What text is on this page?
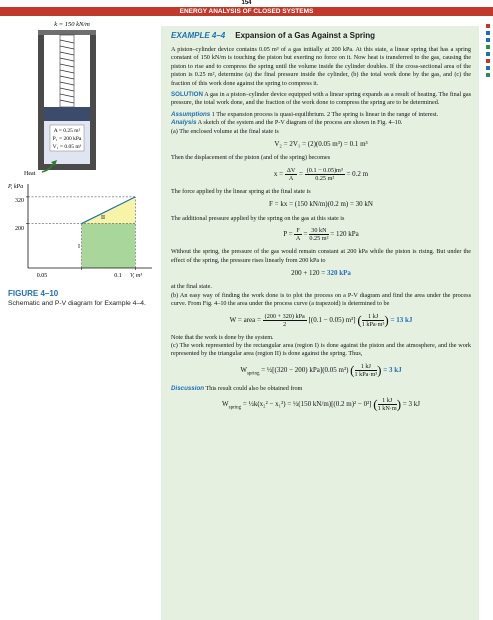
154
ENERGY ANALYSIS OF CLOSED SYSTEMS
k = 150 kN/m
A = 0.25 m²
P₁ = 200 kPa
V₁ = 0.05 m³
Heat
P, kPa
V, m³
320
200
0.05	0.1
II
I
FIGURE 4–10
Schematic and P-V diagram for Example 4–4.
EXAMPLE 4–4 Expansion of a Gas Against a Spring

A piston–cylinder device contains 0.05 m³ of a gas initially at 200 kPa. At this state, a linear spring that has a spring constant of 150 kN/m is touching the piston but exerting no force on it. Now heat is transferred to the gas, causing the piston to rise and to compress the spring until the volume inside the cylinder doubles. If the cross-sectional area of the piston is 0.25 m², determine (a) the final pressure inside the cylinder, (b) the total work done by the gas, and (c) the fraction of this work done against the spring to compress it.

SOLUTION A gas in a piston–cylinder device equipped with a linear spring expands as a result of heating. The final gas pressure, the total work done, and the fraction of the work done to compress the spring are to be determined.

Assumptions 1 The expansion process is quasi-equilibrium. 2 The spring is linear in the range of interest.

Analysis A sketch of the system and the P-V diagram of the process are shown in Fig. 4–10.

(a) The enclosed volume at the final state is

V₂ = 2V₁ = (2)(0.05 m³) = 0.1 m³

Then the displacement of the piston (and of the spring) becomes

$x = \frac{\Delta V}{A} = \frac{\text{(0.1 − 0.05)m³}}{\text{0.25 m²}} = 0.2$ m

The force applied by the linear spring at the final state is

F = kx = (150 kN/m)(0.2 m) = 30 kN

The additional pressure applied by the spring on the gas at this state is

$P = \frac{F}{A} = \frac{30 kN}{\text{0.25 m²}} = 120$ kPa

Without the spring, the pressure of the gas would remain constant at 200 kPa while the piston is rising. But under the effect of the spring, the pressure rises linearly from 200 kPa to

200 + 120 = 320 kPa

at the final state.

(b) An easy way of finding the work done is to plot the process on a P-V diagram and find the area under the process curve. From Fig. 4–10 the area under the process curve (a trapezoid) is determined to be

W = area = $\frac{\text{(200 + 320) kPa}}{2} [(0.1 - 0.05)$ m³] ( $\frac{1 kJ}{\text{1 kPa·m³}}$ ) = 13 kJ

Note that the work is done by the system.

(c) The work represented by the rectangular area (region I) is done against the piston and the atmosphere, and the work represented by the triangular area (region II) is done against the spring. Thus,

$W_{spring}$ = ½[(320 − 200) kPa](0.05 m³) ( $\frac{1 kJ}{\text{1 kPa·m³}}$ ) = 3 kJ

Discussion This result could also be obtained from

$W_{spring}$ = ½k(x₂² − x₁²) = ½(150 kN/m)[(0.2 m)² − 0²] ( $\frac{1 kJ}{1 kN\cdot m}$ ) = 3 kJ
